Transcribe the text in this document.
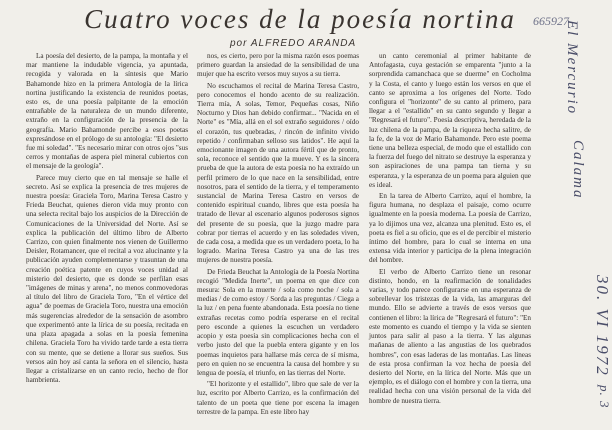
Cuatro voces de la poesía nortina
por ALFREDO ARANDA
665927

La poesía del desierto, de la pampa, la montaña y el mar mantiene la indudable vigencia, ya apuntada, recogida y valorada en la síntesis que Mario Bahamonde hizo en la primera Antología de la lírica nortina justificando la existencia de reunidos poetas, esto es, de una poesía palpitante de la emoción entrañable de la naturaleza de un mundo diferente, extraño en la configuración de la presencia de la geografía. Mario Bahamonde percibe a esos poetas expresándose en el prólogo de su antología: "El desierto fue mi soledad". "Es necesario mirar con otros ojos "sus cerros y montañas de aspera piel mineral cubiertos con el mensaje de la geología".

Parece muy cierto que en tal mensaje se halle el secreto. Así se explica la presencia de tres mujeres de nuestra poesía: Graciela Toro, Marina Teresa Castro y Frieda Beuchat, quienes dieron vida muy pronto con una selecta recital bajo los auspicios de la Dirección de Comunicaciones de la Universidad del Norte. Así se explica la publicación del último libro de Alberto Carrizo, con quien finalmente nos vienen de Guillermo Deisler, Rotamancer, que el recital a voz alucinante y la publicación ayuden complementarse y trasuntan de una creación poética patente en cuyos voces unidad al misterio del desierto, que es donde se perfilan esas "imágenes de minas y arena", no menos conmovedoras al título del libro de Graciela Toro, "En el vértice del agua" de poemas de Graciela Toro, nuestra una emoción más sugerencias alrededor de la sensación de asombro que experimentó ante la lírica de su poesía, recitada en una plaza apagada a solas en la poesía femenina chilena. Graciela Toro ha vivido tarde tarde a esta tierra con su mente, que se detiene a llorar sus sueños. Sus versos aún hoy así canta la señora en el silencio, hasta llegar a cristalizarse en un canto recio, hecho de flor hambrienta.

nos, es cierto, pero por la misma razón esos poemas primero guardan la ansiedad de la sensibilidad de una mujer que ha escrito versos muy suyos a su tierra.

No escuchamos el recital de Marina Teresa Castro, pero conocemos el hondo acento de su realización. Tierra mía, A solas, Temor, Pequeñas cosas, Niño Nocturno y Dios han debido confirmar... "Nacida en el Norte" es "Mía, allá en el sol extraño seguidores / oído el corazón, tus quebradas, / rincón de infinito vivido repetido / confirmaban selloso sus latidos". He aquí la emocionante imagen de una autora fértil que de pronto, sola, reconoce el sentido que la mueve. Y es la sincera prueba de que la autora de esta poesía no ha extraído un perfil primero de lo que nace en la sensibilidad, entre nosotros, para el sentido de la tierra, y el temperamento sustancial de Marina Teresa Castro en versos de contenido espiritual cuando, libres que esta poesía ha tratado de llevar al escenario algunos poderosos signos del presente de su poesía, que la juzgo madre para cobrar por tierras el acuerdo y en las soledades viven, de cada cosa, a medida que es un verdadero poeta, lo ha logrado. Marina Teresa Castro ya una de las tres mujeres de nuestra poesía.

De Frieda Beuchat la Antología de la Poesía Nortina recogió "Medida Inerte", un poema en que dice con mesura: Sola en la muerte / sola como noche / sola a medias / de como estoy / Sorda a las preguntas / Ciega a la luz / en pena fuente abandonada. Esta poesía no tiene extrañas recetas como podría esperarse en el recital pero esconde a quienes la escuchen un verdadero acopio y esta poesía sin complicaciones hecha con el verbo justo del que la puebla entera gigante y en los poemas inquietos para hallarse más cerca de sí misma, pero en quien no se encuentra la causa del hombre y su lengua de poesía, el triunfo, en las tierras del Norte.

"El horizonte y el estallido", libro que sale de ver la luz, escrito por Alberto Carrizo, es la confirmación del talento de un poeta que tiene por escena la imagen terrestre de la pampa. En este libro hay

un canto ceremonial al primer habitante de Antofagasta, cuya gestación se emparenta "junto a la sorprendida camanchaca que se duerme" en Cocholma y la Costa, el canto y luego están los versos en que el canto se aproxima a los orígenes del Norte. Todo configura el "horizonte" de su canto al primero, para llegar a el "estallido" en su canto segundo y llegar a "Regresará el futuro". Poesía descriptiva, heredada de la luz chilena de la pampa, de la riqueza hecha salitre, de la fe, de la voz de Mario Bahamonde. Pero este poema tiene una belleza especial, de modo que el estallido con la fuerza del fuego del nitrato se destruye la esperanza y son aspiraciones de una pampa tan tierna y su esperanza, y la esperanza de un poema para alguien que es ideal.

En la tarea de Alberto Carrizo, aquí el hombre, la figura humana, no desplaza el paisaje, como ocurre igualmente en la poesía moderna. La poesía de Carrizo, ya lo dijimos una vez, alcanza una plenitud. Esto es, el poeta es fiel a su oficio, que es el de percibir el misterio íntimo del hombre, para lo cual se interna en una extensa vida interior y participa de la plena integración del hombre.

El verbo de Alberto Carrizo tiene un resonar distinto, hondo, en la reafirmación de tonalidades varias, y todo parece configurarse en una esperanza de sobrellevar los tristezas de la vida, las amarguras del mundo. Ello se advierte a través de esos versos que contienen el libro: la lírica de "Regresará el futuro": "En este momento es cuando el tiempo y la vida se sienten juntos para salir al paso a la tierra. Y las algunas mañanas de aliento a las angustias de los quebrados hombres", con esas laderas de las montañas. Las líneas de esta prosa confirman la voz hecha de poesía del desierto del Norte, en la lírica del Norte. Más que un ejemplo, es el diálogo con el hombre y con la tierra, una realidad hecha con una visión personal de la vida del hombre de nuestra tierra.

El Mercurio
Calama
30. VI 1972
p. 3
